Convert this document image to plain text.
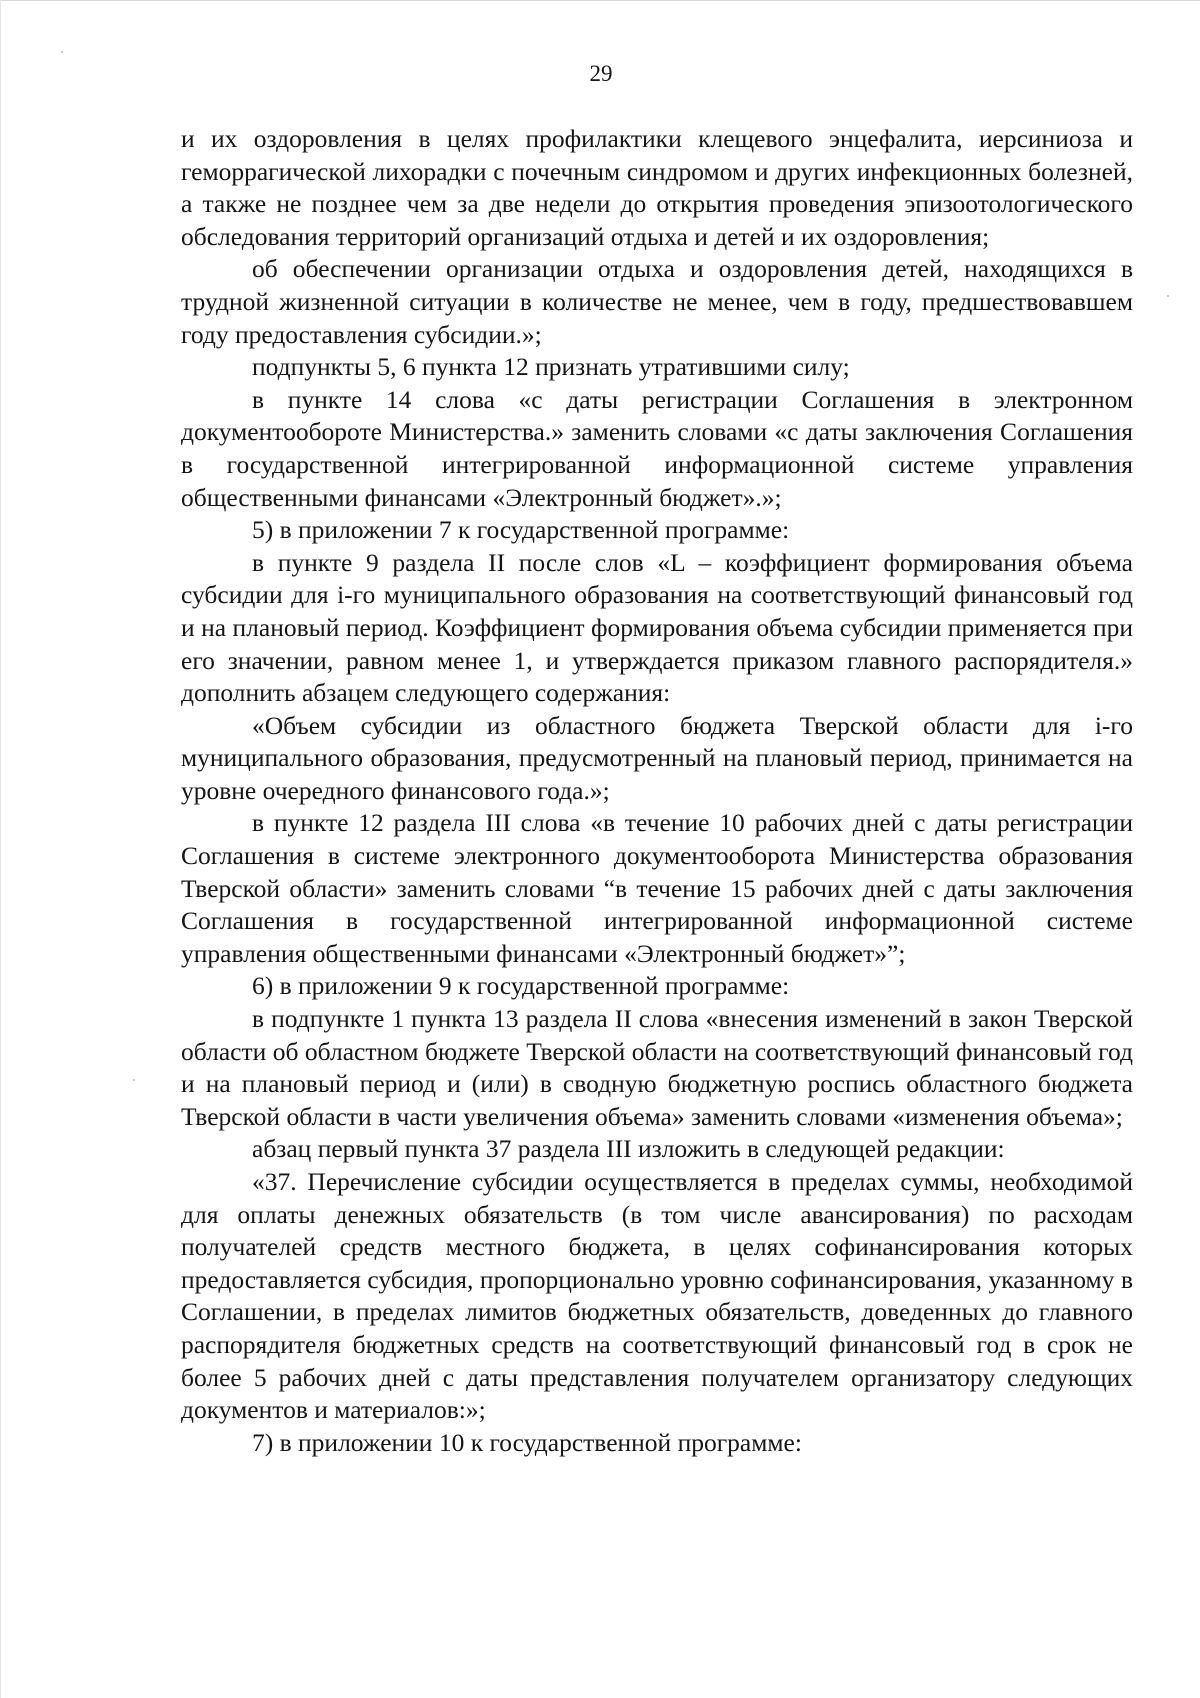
29

и их оздоровления в целях профилактики клещевого энцефалита, иерсиниоза и геморрагической лихорадки с почечным синдромом и других инфекционных болезней, а также не позднее чем за две недели до открытия проведения эпизоотологического обследования территорий организаций отдыха и детей и их оздоровления;

об обеспечении организации отдыха и оздоровления детей, находящихся в трудной жизненной ситуации в количестве не менее, чем в году, предшествовавшем году предоставления субсидии.»;

подпункты 5, 6 пункта 12 признать утратившими силу;

в пункте 14 слова «с даты регистрации Соглашения в электронном документообороте Министерства.» заменить словами «с даты заключения Соглашения в государственной интегрированной информационной системе управления общественными финансами «Электронный бюджет».»;

5) в приложении 7 к государственной программе:

в пункте 9 раздела II после слов «L – коэффициент формирования объема субсидии для i-го муниципального образования на соответствующий финансовый год и на плановый период. Коэффициент формирования объема субсидии применяется при его значении, равном менее 1, и утверждается приказом главного распорядителя.» дополнить абзацем следующего содержания:

«Объем субсидии из областного бюджета Тверской области для i-го муниципального образования, предусмотренный на плановый период, принимается на уровне очередного финансового года.»;

в пункте 12 раздела III слова «в течение 10 рабочих дней с даты регистрации Соглашения в системе электронного документооборота Министерства образования Тверской области» заменить словами “в течение 15 рабочих дней с даты заключения Соглашения в государственной интегрированной информационной системе управления общественными финансами «Электронный бюджет»”;

6) в приложении 9 к государственной программе:

в подпункте 1 пункта 13 раздела II слова «внесения изменений в закон Тверской области об областном бюджете Тверской области на соответствующий финансовый год и на плановый период и (или) в сводную бюджетную роспись областного бюджета Тверской области в части увеличения объема» заменить словами «изменения объема»;

абзац первый пункта 37 раздела III изложить в следующей редакции:

«37. Перечисление субсидии осуществляется в пределах суммы, необходимой для оплаты денежных обязательств (в том числе авансирования) по расходам получателей средств местного бюджета, в целях софинансирования которых предоставляется субсидия, пропорционально уровню софинансирования, указанному в Соглашении, в пределах лимитов бюджетных обязательств, доведенных до главного распорядителя бюджетных средств на соответствующий финансовый год в срок не более 5 рабочих дней с даты представления получателем организатору следующих документов и материалов:»;

7) в приложении 10 к государственной программе:
